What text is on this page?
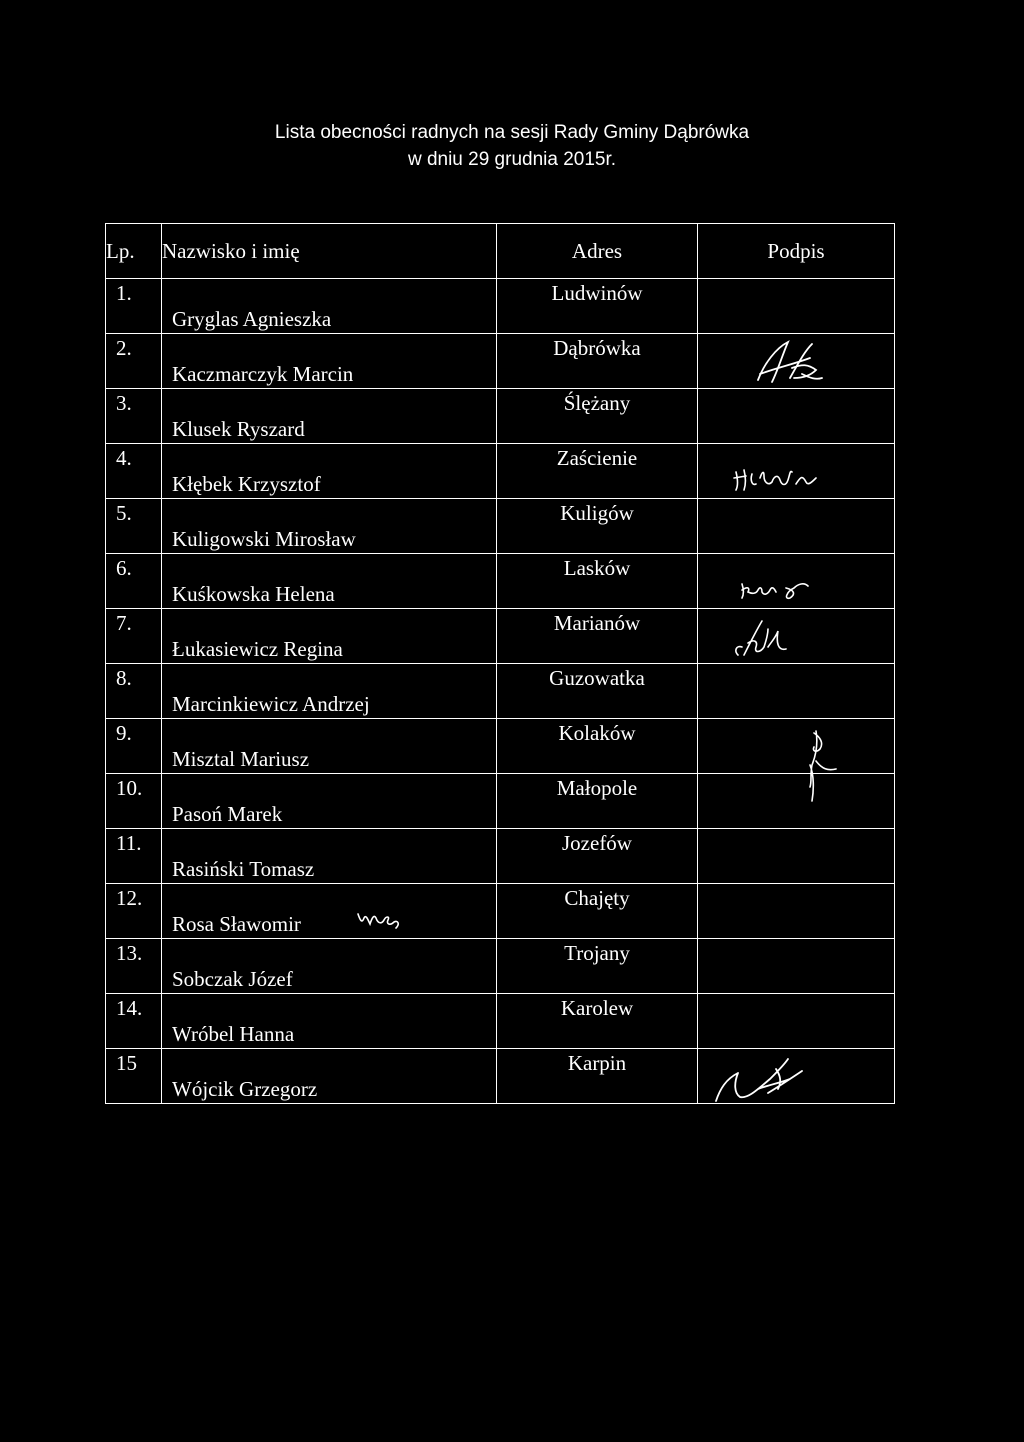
Lista obecności radnych na sesji Rady Gminy Dąbrówka
w dniu 29 grudnia 2015r.
Lp.	Nazwisko i imię	Adres	Podpis

1.	Gryglas Agnieszka	Ludwinów	

2.	Kaczmarczyk Marcin	Dąbrówka

3.	Klusek Ryszard	Ślężany	

4.	Kłębek Krzysztof	Zaścienie

5.	Kuligowski Mirosław	Kuligów	

6.	Kuśkowska Helena	Lasków

7.	Łukasiewicz Regina	Marianów

8.	Marcinkiewicz Andrzej	Guzowatka	

9.	Misztal Mariusz	Kolaków

10.	Pasoń Marek	Małopole	

11.	Rasiński Tomasz	Jozefów	

12.	Rosa Sławomir	Chajęty	

13.	Sobczak Józef	Trojany	

14.	Wróbel Hanna	Karolew	

15	Wójcik Grzegorz	Karpin
